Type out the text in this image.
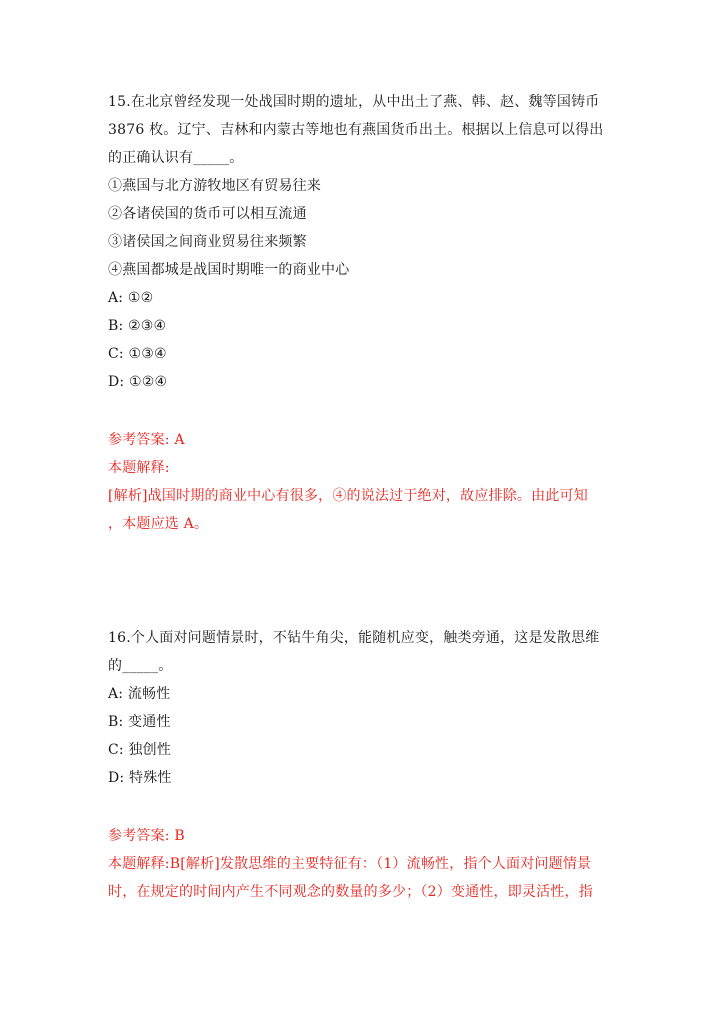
15.在北京曾经发现一处战国时期的遗址，从中出土了燕、韩、赵、魏等国铸币
3876 枚。辽宁、吉林和内蒙古等地也有燕国货币出土。根据以上信息可以得出
的正确认识有_____。
①燕国与北方游牧地区有贸易往来
②各诸侯国的货币可以相互流通
③诸侯国之间商业贸易往来频繁
④燕国都城是战国时期唯一的商业中心
A: ①②
B: ②③④
C: ①③④
D: ①②④
参考答案: A
本题解释:
[解析]战国时期的商业中心有很多，④的说法过于绝对，故应排除。由此可知
，本题应选 A。
16.个人面对问题情景时，不钻牛角尖，能随机应变，触类旁通，这是发散思维
的_____。
A: 流畅性
B: 变通性
C: 独创性
D: 特殊性
参考答案: B
本题解释:B[解析]发散思维的主要特征有：（1）流畅性，指个人面对问题情景
时，在规定的时间内产生不同观念的数量的多少；（2）变通性，即灵活性，指
